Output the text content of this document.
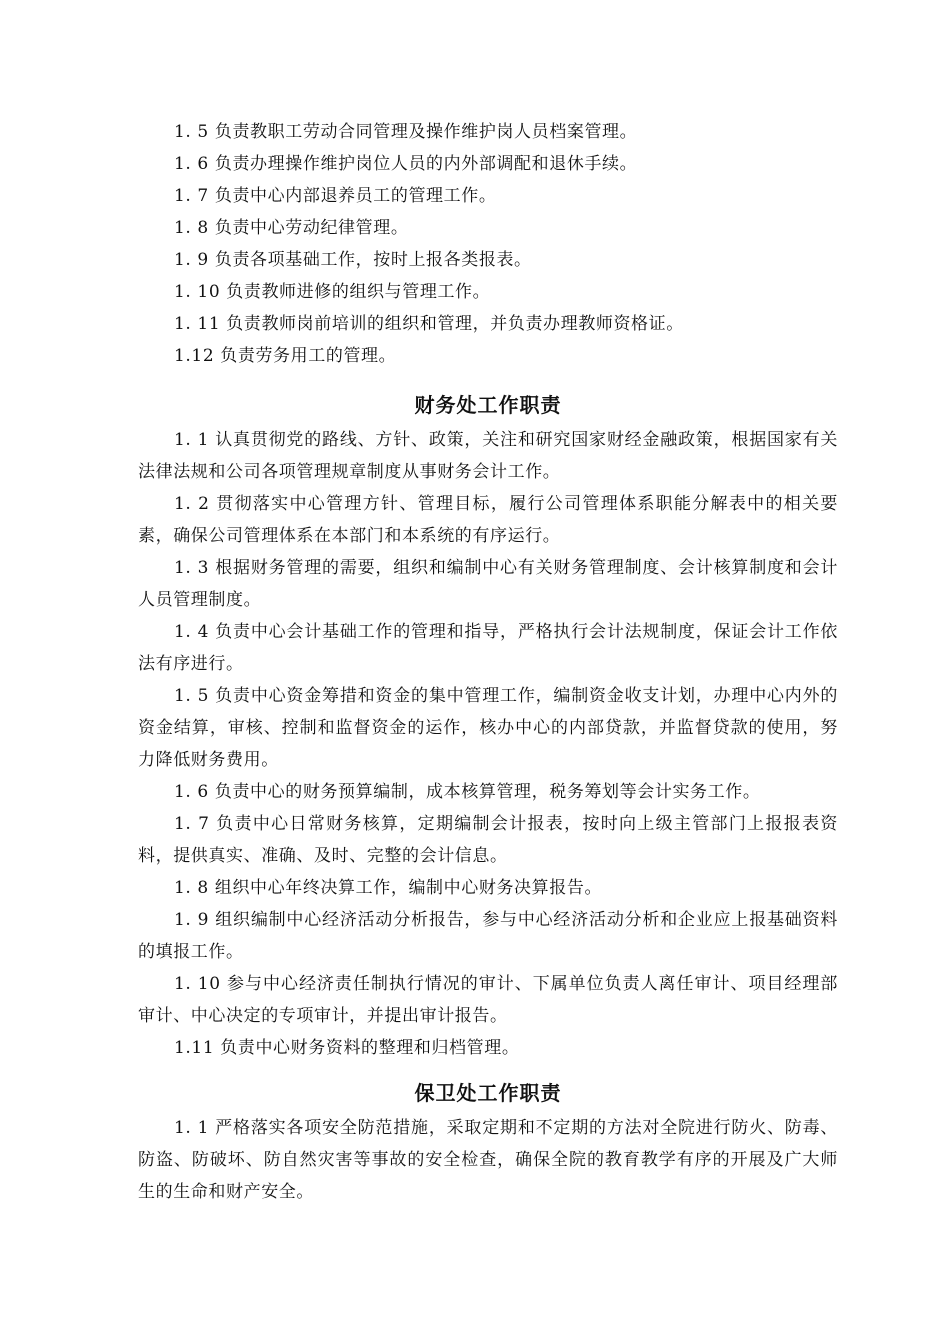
1. 5 负责教职工劳动合同管理及操作维护岗人员档案管理。

1. 6 负责办理操作维护岗位人员的内外部调配和退休手续。

1. 7 负责中心内部退养员工的管理工作。

1. 8 负责中心劳动纪律管理。

1. 9 负责各项基础工作，按时上报各类报表。

1. 10 负责教师进修的组织与管理工作。

1. 11 负责教师岗前培训的组织和管理，并负责办理教师资格证。

1.12 负责劳务用工的管理。

财务处工作职责

1. 1 认真贯彻党的路线、方针、政策，关注和研究国家财经金融政策，根据国家有关法律法规和公司各项管理规章制度从事财务会计工作。

1. 2 贯彻落实中心管理方针、管理目标，履行公司管理体系职能分解表中的相关要素，确保公司管理体系在本部门和本系统的有序运行。

1. 3 根据财务管理的需要，组织和编制中心有关财务管理制度、会计核算制度和会计人员管理制度。

1. 4 负责中心会计基础工作的管理和指导，严格执行会计法规制度，保证会计工作依法有序进行。

1. 5 负责中心资金筹措和资金的集中管理工作，编制资金收支计划，办理中心内外的资金结算，审核、控制和监督资金的运作，核办中心的内部贷款，并监督贷款的使用，努力降低财务费用。

1. 6 负责中心的财务预算编制，成本核算管理，税务筹划等会计实务工作。

1. 7 负责中心日常财务核算，定期编制会计报表，按时向上级主管部门上报报表资料，提供真实、准确、及时、完整的会计信息。

1. 8 组织中心年终决算工作，编制中心财务决算报告。

1. 9 组织编制中心经济活动分析报告，参与中心经济活动分析和企业应上报基础资料的填报工作。

1. 10 参与中心经济责任制执行情况的审计、下属单位负责人离任审计、项目经理部审计、中心决定的专项审计，并提出审计报告。

1.11 负责中心财务资料的整理和归档管理。

保卫处工作职责

1. 1 严格落实各项安全防范措施，采取定期和不定期的方法对全院进行防火、防毒、防盗、防破坏、防自然灾害等事故的安全检查，确保全院的教育教学有序的开展及广大师生的生命和财产安全。
